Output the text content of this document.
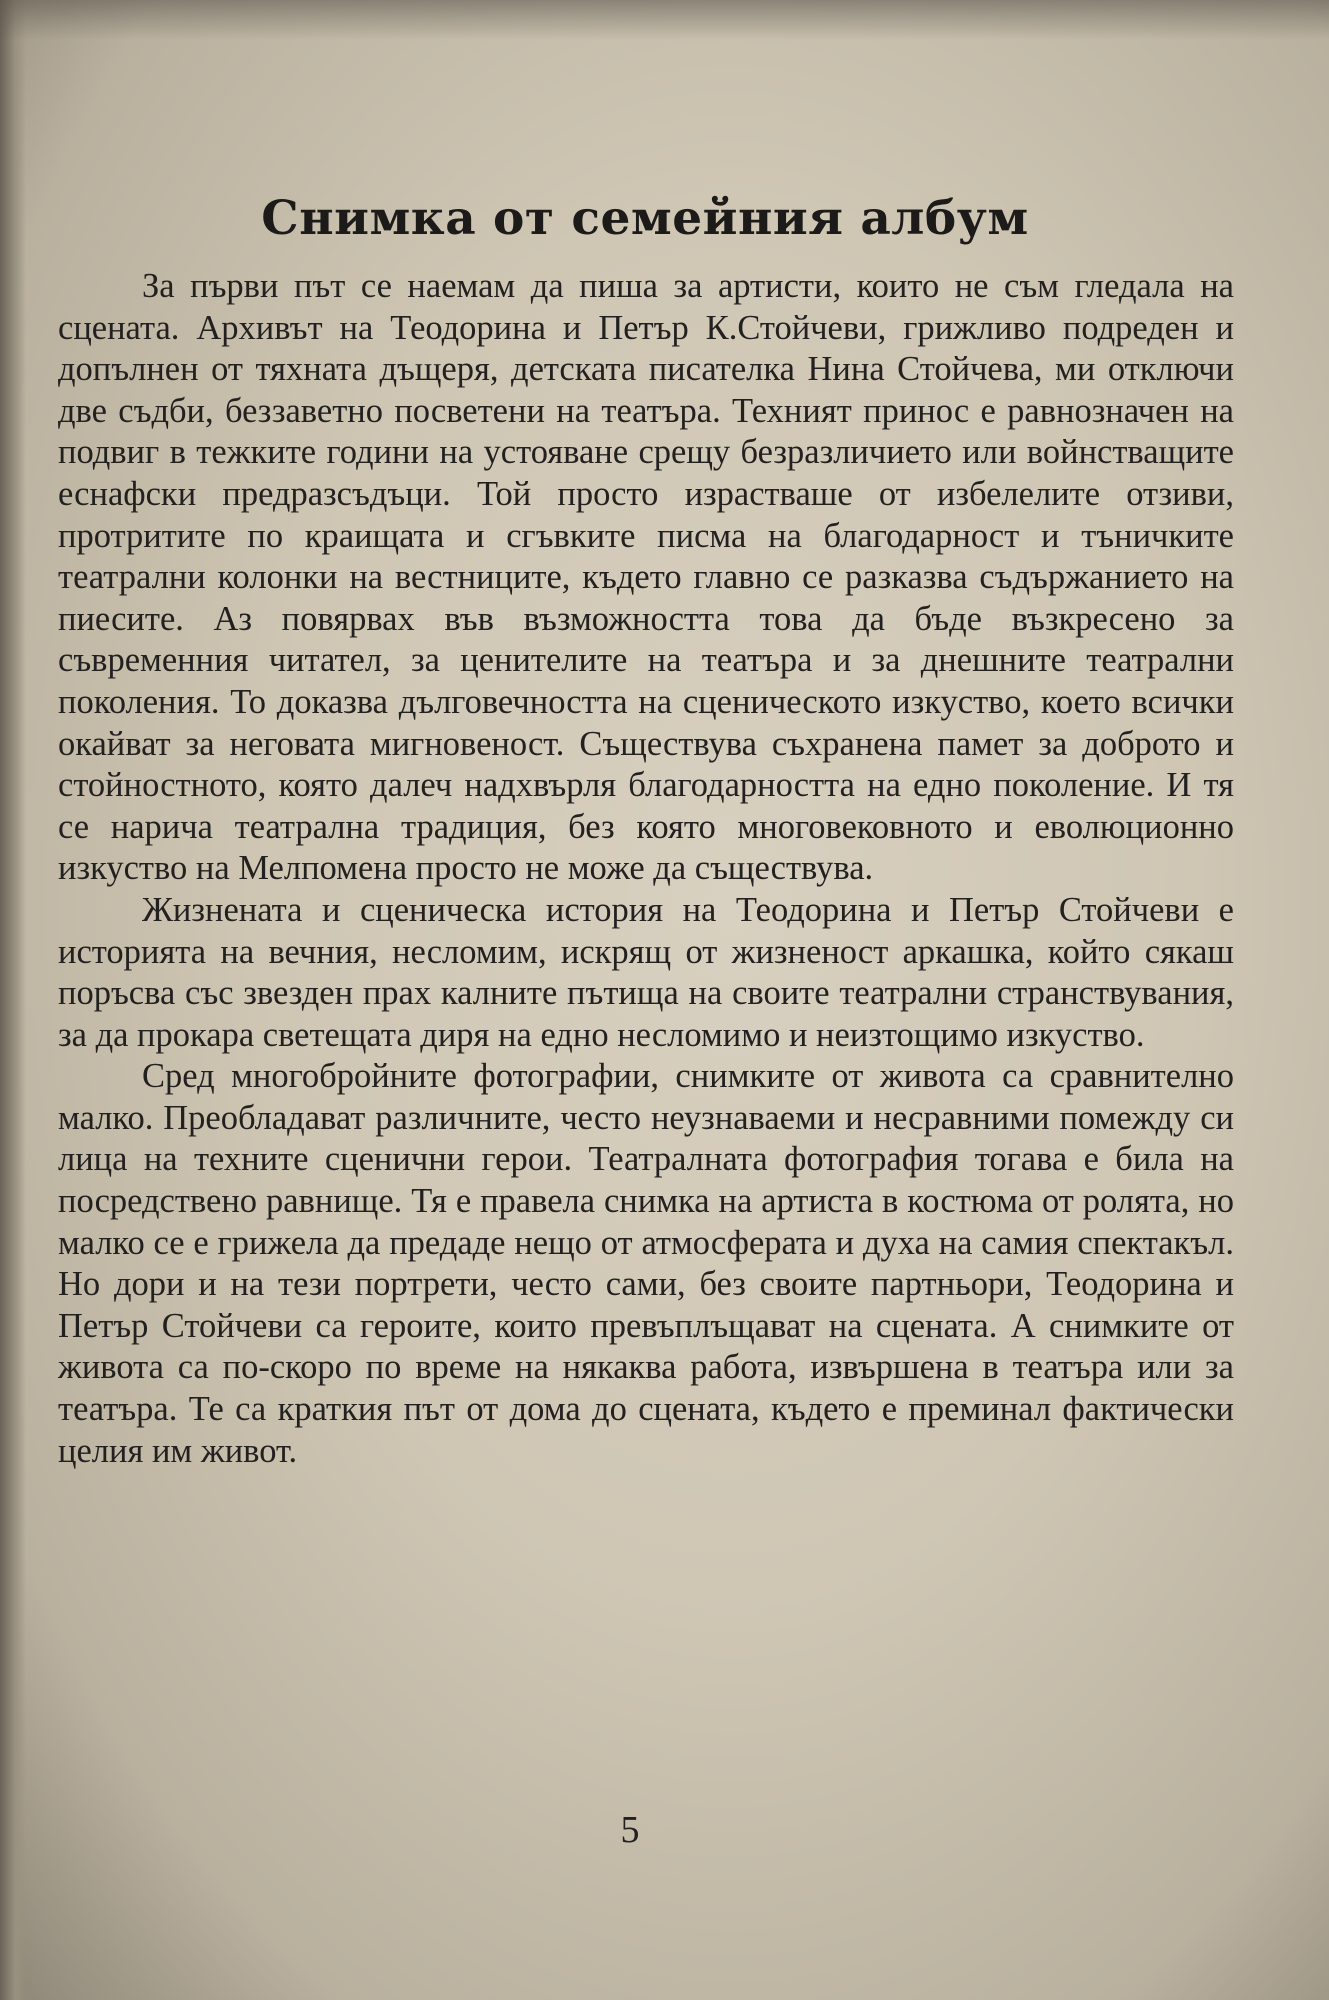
Снимка от семейния албум

За първи път се наемам да пиша за артисти, които не съм гледала на сцената. Архивът на Теодорина и Петър К.Стойчеви, грижливо подреден и допълнен от тяхната дъщеря, детската писателка Нина Стойчева, ми отключи две съдби, беззаветно посветени на театъра. Техният принос е равнозначен на подвиг в тежките години на устояване срещу безразличието или войнстващите еснафски предразсъдъци. Той просто израстваше от избелелите отзиви, протритите по краищата и сгъвките писма на благодарност и тъничките театрални колонки на вестниците, където главно се разказва съдържанието на пиесите. Аз повярвах във възможността това да бъде възкресено за съвременния читател, за ценителите на театъра и за днешните театрални поколения. То доказва дълговечността на сценическото изкуство, което всички окайват за неговата мигновеност. Съществува съхранена памет за доброто и стойностното, която далеч надхвърля благодарността на едно поколение. И тя се нарича театрална традиция, без която многовековното и еволюционно изкуство на Мелпомена просто не може да съществува.

Жизнената и сценическа история на Теодорина и Петър Стойчеви е историята на вечния, несломим, искрящ от жизненост аркашка, който сякаш поръсва със звезден прах калните пътища на своите театрални странствувания, за да прокара светещата диря на едно несломимо и неизтощимо изкуство.

Сред многобройните фотографии, снимките от живота са сравнително малко. Преобладават различните, често неузнаваеми и несравними помежду си лица на техните сценични герои. Театралната фотография тогава е била на посредствено равнище. Тя е правела снимка на артиста в костюма от ролята, но малко се е грижела да предаде нещо от атмосферата и духа на самия спектакъл. Но дори и на тези портрети, често сами, без своите партньори, Теодорина и Петър Стойчеви са героите, които превъплъщават на сцената. А снимките от живота са по-скоро по време на някаква работа, извършена в театъра или за театъра. Те са краткия път от дома до сцената, където е преминал фактически целия им живот.

5
